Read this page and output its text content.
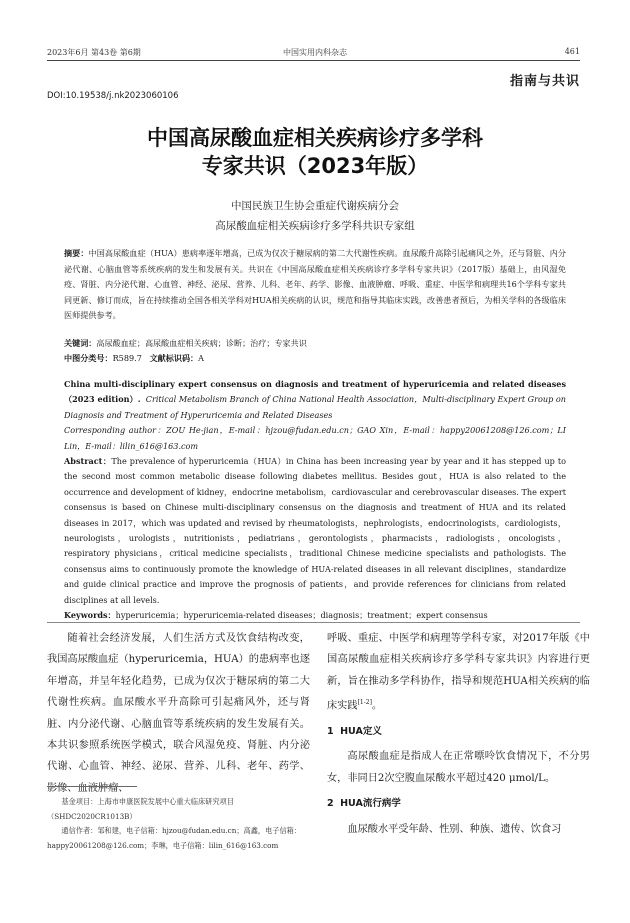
2023年6月 第43卷 第6期	中国实用内科杂志	461
指南与共识
DOI:10.19538/j.nk2023060106
中国高尿酸血症相关疾病诊疗多学科
专家共识（2023年版）
中国民族卫生协会重症代谢疾病分会
高尿酸血症相关疾病诊疗多学科共识专家组
摘要：中国高尿酸血症（HUA）患病率逐年增高，已成为仅次于糖尿病的第二大代谢性疾病。血尿酸升高除引起痛风之外，还与肾脏、内分泌代谢、心脑血管等系统疾病的发生和发展有关。共识在《中国高尿酸血症相关疾病诊疗多学科专家共识》（2017版）基础上，由风湿免疫、肾脏、内分泌代谢、心血管、神经、泌尿、营养、儿科、老年、药学、影像、血液肿瘤、呼吸、重症、中医学和病理共16个学科专家共同更新、修订而成，旨在持续推动全国各相关学科对HUA相关疾病的认识，规范和指导其临床实践，改善患者预后，为相关学科的各级临床医师提供参考。
关键词：高尿酸血症；高尿酸血症相关疾病；诊断；治疗；专家共识
中图分类号：R589.7 文献标识码：A
China multi-disciplinary expert consensus on diagnosis and treatment of hyperuricemia and related diseases（2023 edition）. Critical Metabolism Branch of China National Health Association，Multi-disciplinary Expert Group on Diagnosis and Treatment of Hyperuricemia and Related Diseases
Corresponding author：ZOU He-jian，E-mail：hjzou@fudan.edu.cn；GAO Xin，E-mail：happy20061208@126.com；LI Lin，E-mail：lilin_616@163.com
Abstract：The prevalence of hyperuricemia（HUA）in China has been increasing year by year and it has stepped up to the second most common metabolic disease following diabetes mellitus. Besides gout，HUA is also related to the occurrence and development of kidney，endocrine metabolism，cardiovascular and cerebrovascular diseases. The expert consensus is based on Chinese multi-disciplinary consensus on the diagnosis and treatment of HUA and its related diseases in 2017，which was updated and revised by rheumatologists，nephrologists，endocrinologists，cardiologists，neurologists，urologists，nutritionists，pediatrians，gerontologists，pharmacists，radiologists，oncologists，respiratory physicians，critical medicine specialists，traditional Chinese medicine specialists and pathologists. The consensus aims to continuously promote the knowledge of HUA-related diseases in all relevant disciplines，standardize and guide clinical practice and improve the prognosis of patients，and provide references for clinicians from related disciplines at all levels.
Keywords：hyperuricemia；hyperuricemia-related diseases；diagnosis；treatment；expert consensus
随着社会经济发展，人们生活方式及饮食结构改变，我国高尿酸血症（hyperuricemia，HUA）的患病率也逐年增高，并呈年轻化趋势，已成为仅次于糖尿病的第二大代谢性疾病。血尿酸水平升高除可引起痛风外，还与肾脏、内分泌代谢、心脑血管等系统疾病的发生发展有关。本共识参照系统医学模式，联合风湿免疫、肾脏、内分泌代谢、心血管、神经、泌尿、营养、儿科、老年、药学、影像、血液肿瘤、
呼吸、重症、中医学和病理等学科专家，对2017年版《中国高尿酸血症相关疾病诊疗多学科专家共识》内容进行更新，旨在推动多学科协作，指导和规范HUA相关疾病的临床实践[1-2]。
1 HUA定义
高尿酸血症是指成人在正常嘌呤饮食情况下，不分男女，非同日2次空腹血尿酸水平超过420 μmol/L。
2 HUA流行病学
血尿酸水平受年龄、性别、种族、遗传、饮食习
基金项目：上海市申康医院发展中心重大临床研究项目（SHDC2020CR1013B）
通信作者：邹和建，电子信箱：hjzou@fudan.edu.cn；高鑫，电子信箱：happy20061208@126.com；李琳，电子信箱：lilin_616@163.com
